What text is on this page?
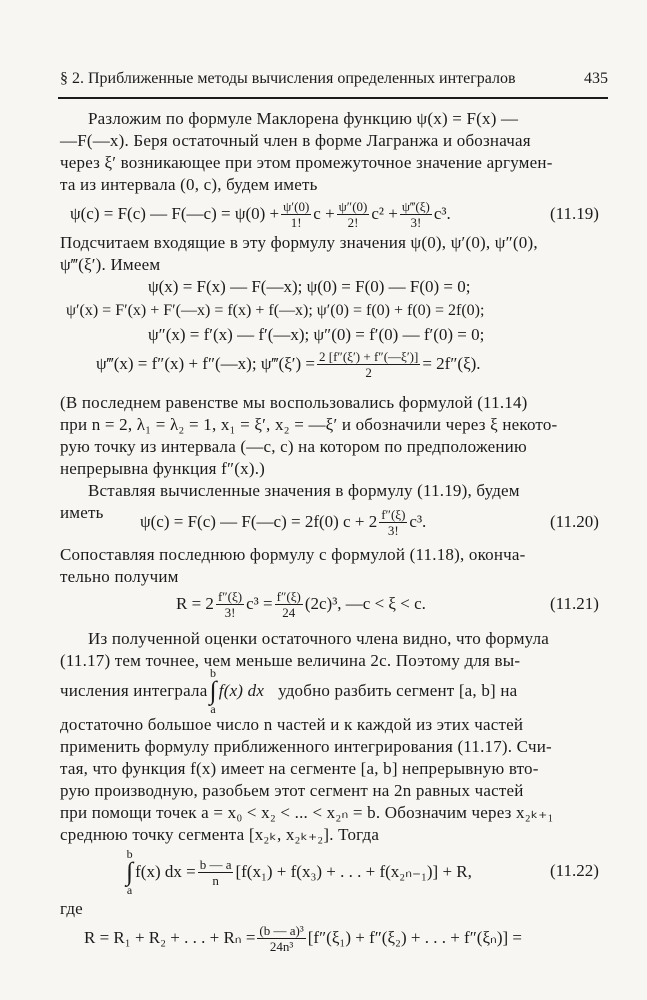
§ 2. Приближенные методы вычисления определенных интегралов	435
Разложим по формуле Маклорена функцию ψ(x) = F(x) —
—F(—x). Беря остаточный член в форме Лагранжа и обозначая
через ξ′ возникающее при этом промежуточное значение аргумен-
та из интервала (0, c), будем иметь
ψ(c) = F(c) — F(—c) = $\psi(0) + \frac{\psi'(0)}{1!}$ $c + \frac{\psi''(0)}{2!} c^2 + \frac{\psi‴(\xi)}{3!} c^3$.	(11.19)
Подсчитаем входящие в эту формулу значения ψ(0), ψ′(0), ψ″(0),
ψ‴(ξ′). Имеем
ψ(x) = F(x) — F(—x); ψ(0) = F(0) — F(0) = 0;
ψ′(x) = F′(x) + F′(—x) = f(x) + f(—x); ψ′(0) = f(0) + f(0) = 2f(0);
ψ″(x) = f′(x) — f′(—x); ψ″(0) = f′(0) — f′(0) = 0;
ψ‴(x) = f″(x) + f″(—x); ψ‴(ξ′) = $\frac{2 [f''(\xi') + f''(—\xi')]}{2} = 2f''(\xi)$.
(В последнем равенстве мы воспользовались формулой (11.14)
при n = 2, λ₁ = λ₂ = 1, x₁ = ξ′, x₂ = —ξ′ и обозначили через ξ некото-
рую точку из интервала (—c, c) на котором по предположению
непрерывна функция f″(x).)
Вставляя вычисленные значения в формулу (11.19), будем
иметь ψ(c) = F(c) — F(—c) = 2f(0) $c + 2 \frac{f''(\xi)}{3!} c^3$.	(11.20)
Сопоставляя последнюю формулу с формулой (11.18), оконча-
тельно получим
$R = 2 \frac{f''(\xi)}{3!} c^3 = \frac{f''(\xi)}{24} (2c)^3$, —c < ξ < c.	(11.21)
Из полученной оценки остаточного члена видно, что формула
(11.17) тем точнее, чем меньше величина 2c. Поэтому для вы-
числения интеграла
b
∫
a
f(x) dx удобно разбить сегмент [a, b] на
достаточно большое число n частей и к каждой из этих частей
применить формулу приближенного интегрирования (11.17). Счи-
тая, что функция f(x) имеет на сегменте [a, b] непрерывную вто-
рую производную, разобьем этот сегмент на 2n равных частей
при помощи точек a = x₀ < x₂ < ... < x₂ₙ = b. Обозначим через x₂ₖ₊₁
среднюю точку сегмента [x₂ₖ, x₂ₖ₊₂]. Тогда
b
∫
a
f(x) dx = $\frac{b — a}{n} [f(x_1) + f(x_3)$ + . . . + f(x₂ₙ₋₁)] + R,	(11.22)
где
R = R₁ + R₂ + . . . + $R_n = \frac{\text{(b — a)³}}{\text{24n³}} [f''(\xi_1) + f''(\xi_2)$ + . . . + f″(ξₙ)] =
